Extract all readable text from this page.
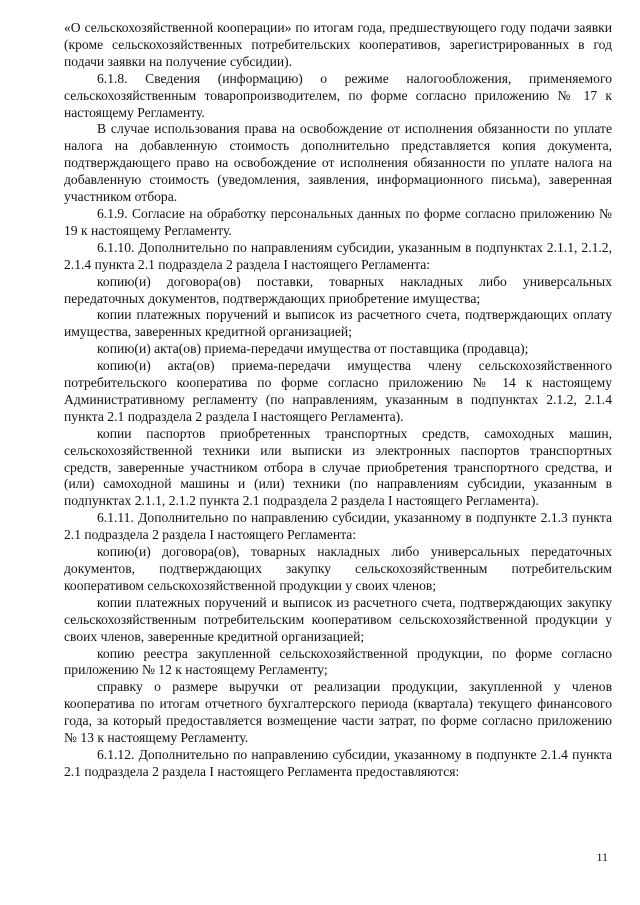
«О сельскохозяйственной кооперации» по итогам года, предшествующего году подачи заявки (кроме сельскохозяйственных потребительских кооперативов, зарегистрированных в год подачи заявки на получение субсидии).

6.1.8. Сведения (информацию) о режиме налогообложения, применяемого сельскохозяйственным товаропроизводителем, по форме согласно приложению № 17 к настоящему Регламенту.

В случае использования права на освобождение от исполнения обязанности по уплате налога на добавленную стоимость дополнительно представляется копия документа, подтверждающего право на освобождение от исполнения обязанности по уплате налога на добавленную стоимость (уведомления, заявления, информационного письма), заверенная участником отбора.

6.1.9. Согласие на обработку персональных данных по форме согласно приложению № 19 к настоящему Регламенту.

6.1.10. Дополнительно по направлениям субсидии, указанным в подпунктах 2.1.1, 2.1.2, 2.1.4 пункта 2.1 подраздела 2 раздела I настоящего Регламента:

копию(и) договора(ов) поставки, товарных накладных либо универсальных передаточных документов, подтверждающих приобретение имущества;

копии платежных поручений и выписок из расчетного счета, подтверждающих оплату имущества, заверенных кредитной организацией;

копию(и) акта(ов) приема-передачи имущества от поставщика (продавца);

копию(и) акта(ов) приема-передачи имущества члену сельскохозяйственного потребительского кооператива по форме согласно приложению № 14 к настоящему Административному регламенту (по направлениям, указанным в подпунктах 2.1.2, 2.1.4 пункта 2.1 подраздела 2 раздела I настоящего Регламента).

копии паспортов приобретенных транспортных средств, самоходных машин, сельскохозяйственной техники или выписки из электронных паспортов транспортных средств, заверенные участником отбора в случае приобретения транспортного средства, и (или) самоходной машины и (или) техники (по направлениям субсидии, указанным в подпунктах 2.1.1, 2.1.2 пункта 2.1 подраздела 2 раздела I настоящего Регламента).

6.1.11. Дополнительно по направлению субсидии, указанному в подпункте 2.1.3 пункта 2.1 подраздела 2 раздела I настоящего Регламента:

копию(и) договора(ов), товарных накладных либо универсальных передаточных документов, подтверждающих закупку сельскохозяйственным потребительским кооперативом сельскохозяйственной продукции у своих членов;

копии платежных поручений и выписок из расчетного счета, подтверждающих закупку сельскохозяйственным потребительским кооперативом сельскохозяйственной продукции у своих членов, заверенные кредитной организацией;

копию реестра закупленной сельскохозяйственной продукции, по форме согласно приложению № 12 к настоящему Регламенту;

справку о размере выручки от реализации продукции, закупленной у членов кооператива по итогам отчетного бухгалтерского периода (квартала) текущего финансового года, за который предоставляется возмещение части затрат, по форме согласно приложению № 13 к настоящему Регламенту.

6.1.12. Дополнительно по направлению субсидии, указанному в подпункте 2.1.4 пункта 2.1 подраздела 2 раздела I настоящего Регламента предоставляются:

11
